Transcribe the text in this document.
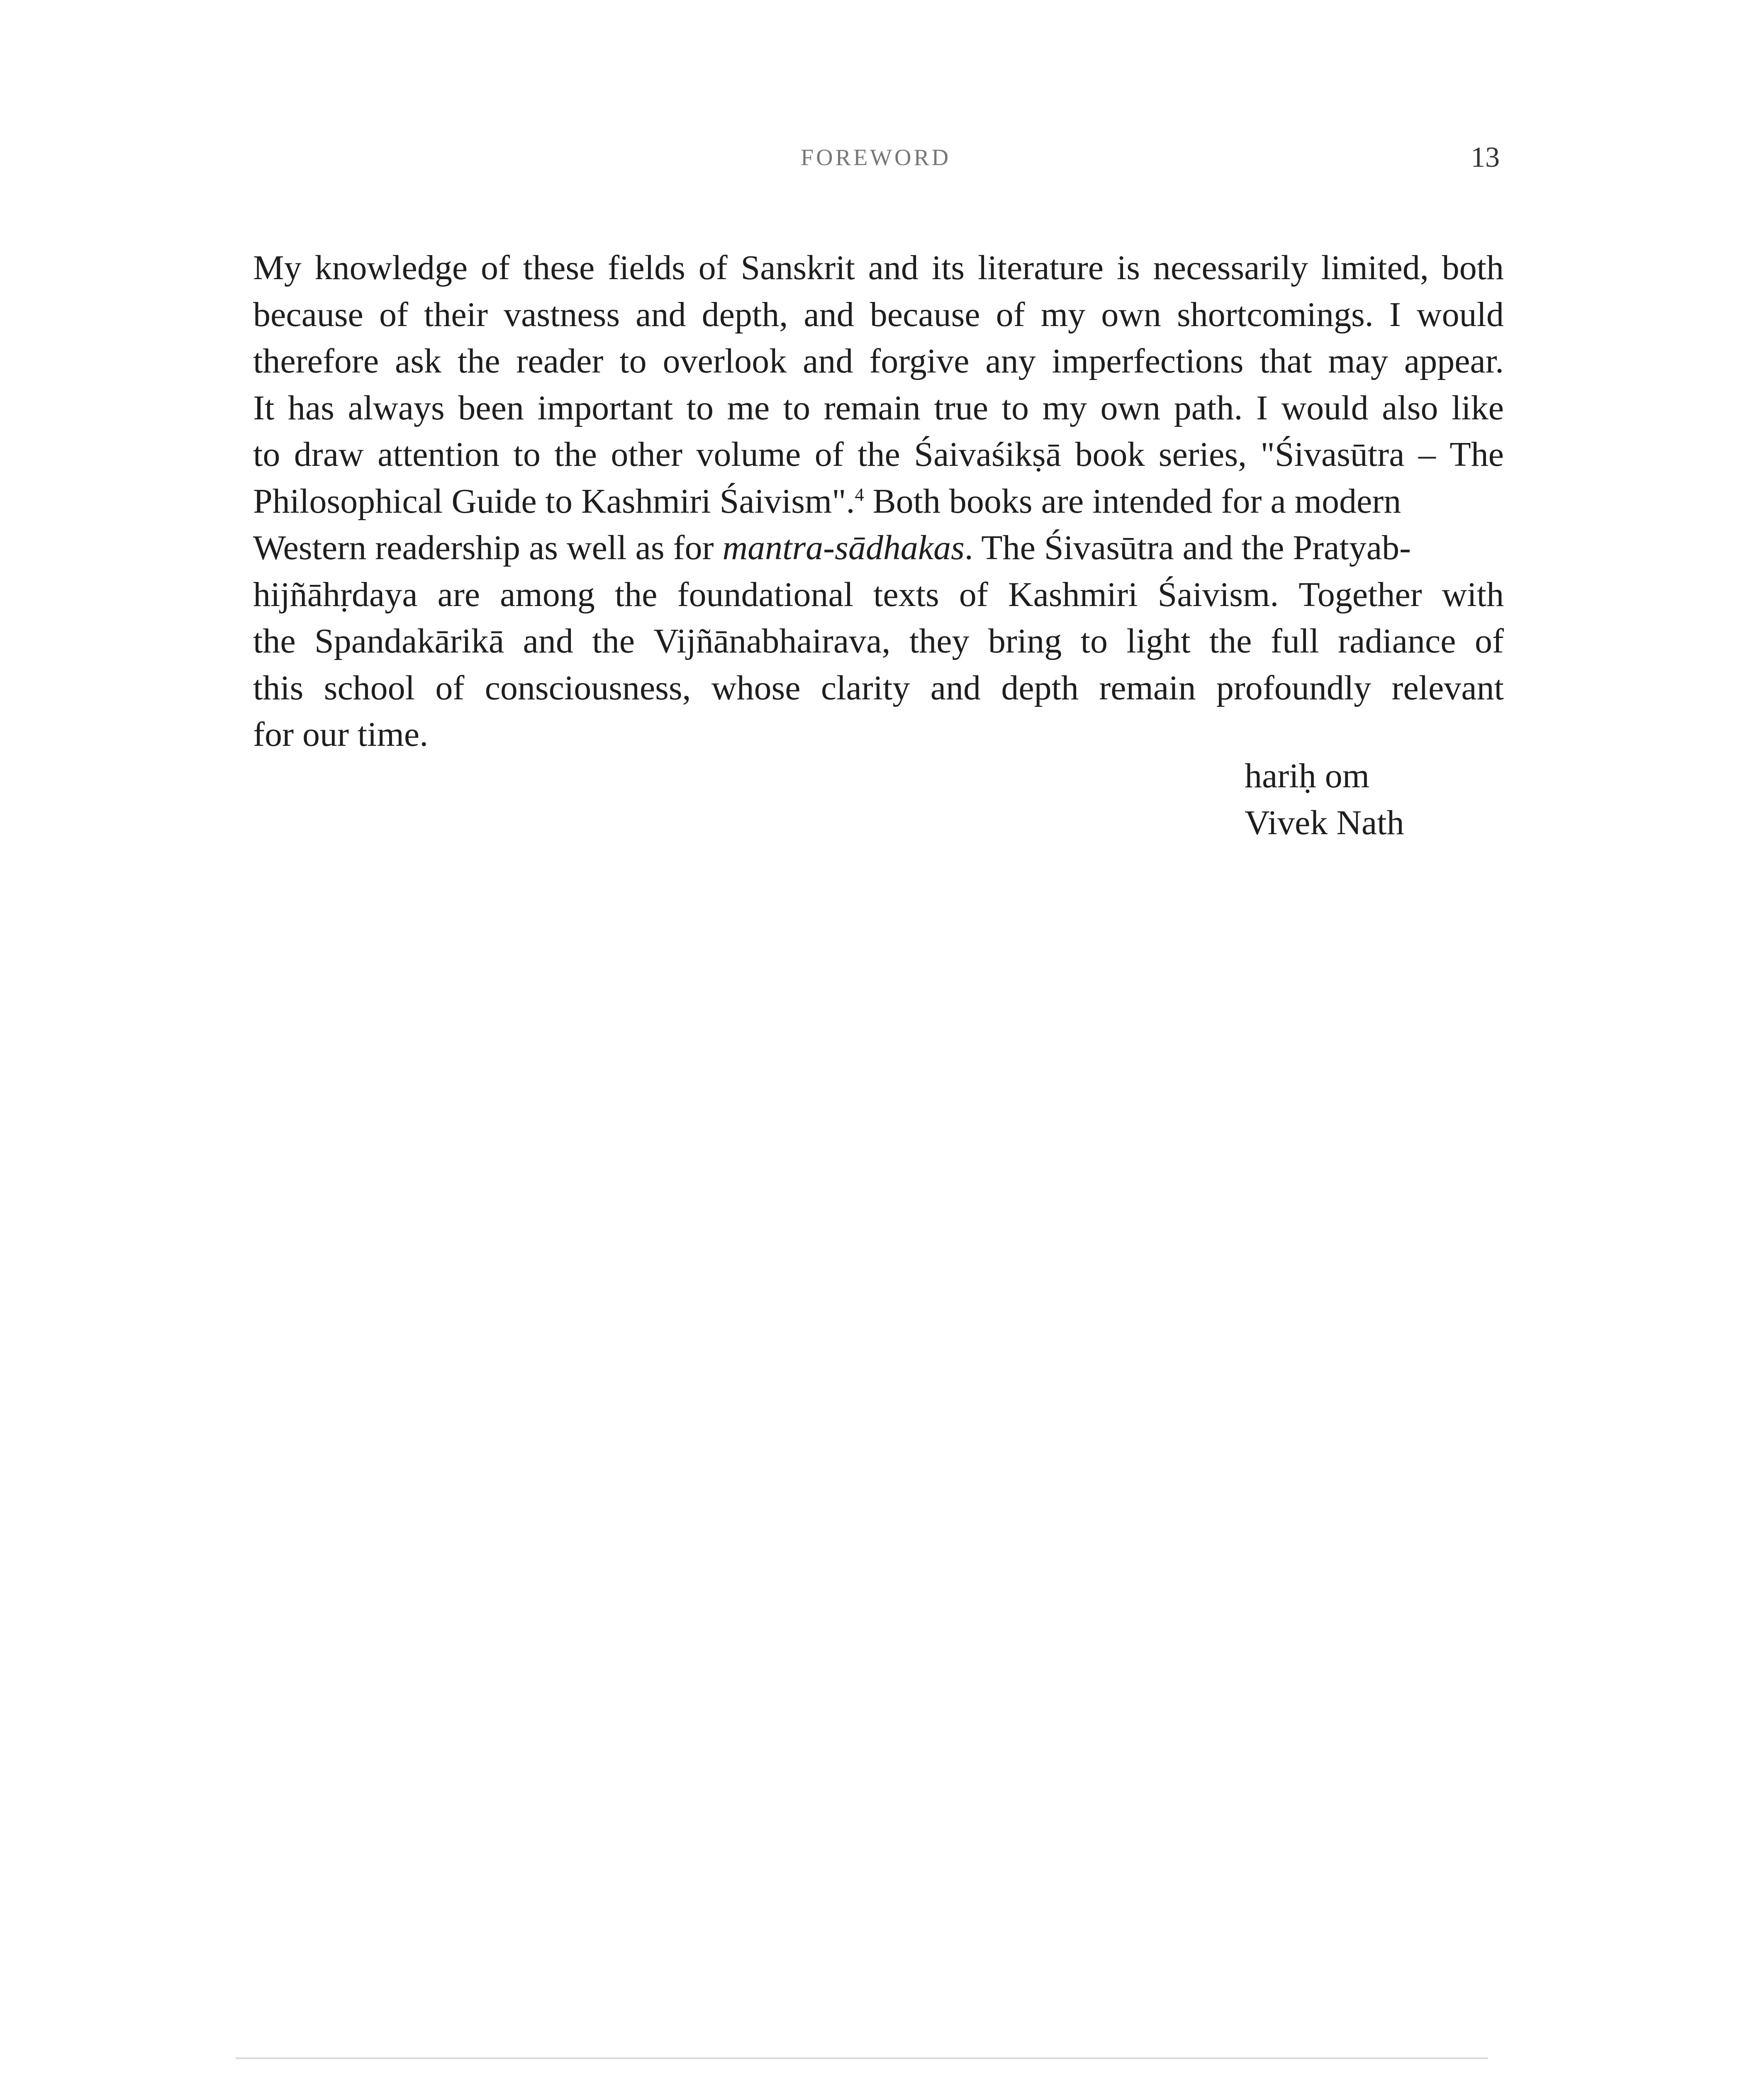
FOREWORD	13
My knowledge of these fields of Sanskrit and its literature is necessarily limited, both
because of their vastness and depth, and because of my own shortcomings. I would
therefore ask the reader to overlook and forgive any imperfections that may appear.
It has always been important to me to remain true to my own path. I would also like
to draw attention to the other volume of the Śaivaśikṣā book series, "Śivasūtra – The
Philosophical Guide to Kashmiri Śaivism".$^4$ Both books are intended for a modern
Western readership as well as for mantra-sādhakas. The Śivasūtra and the Pratyab-
hijñāhṛdaya are among the foundational texts of Kashmiri Śaivism. Together with
the Spandakārikā and the Vijñānabhairava, they bring to light the full radiance of
this school of consciousness, whose clarity and depth remain profoundly relevant
for our time.
hariḥ om
Vivek Nath
